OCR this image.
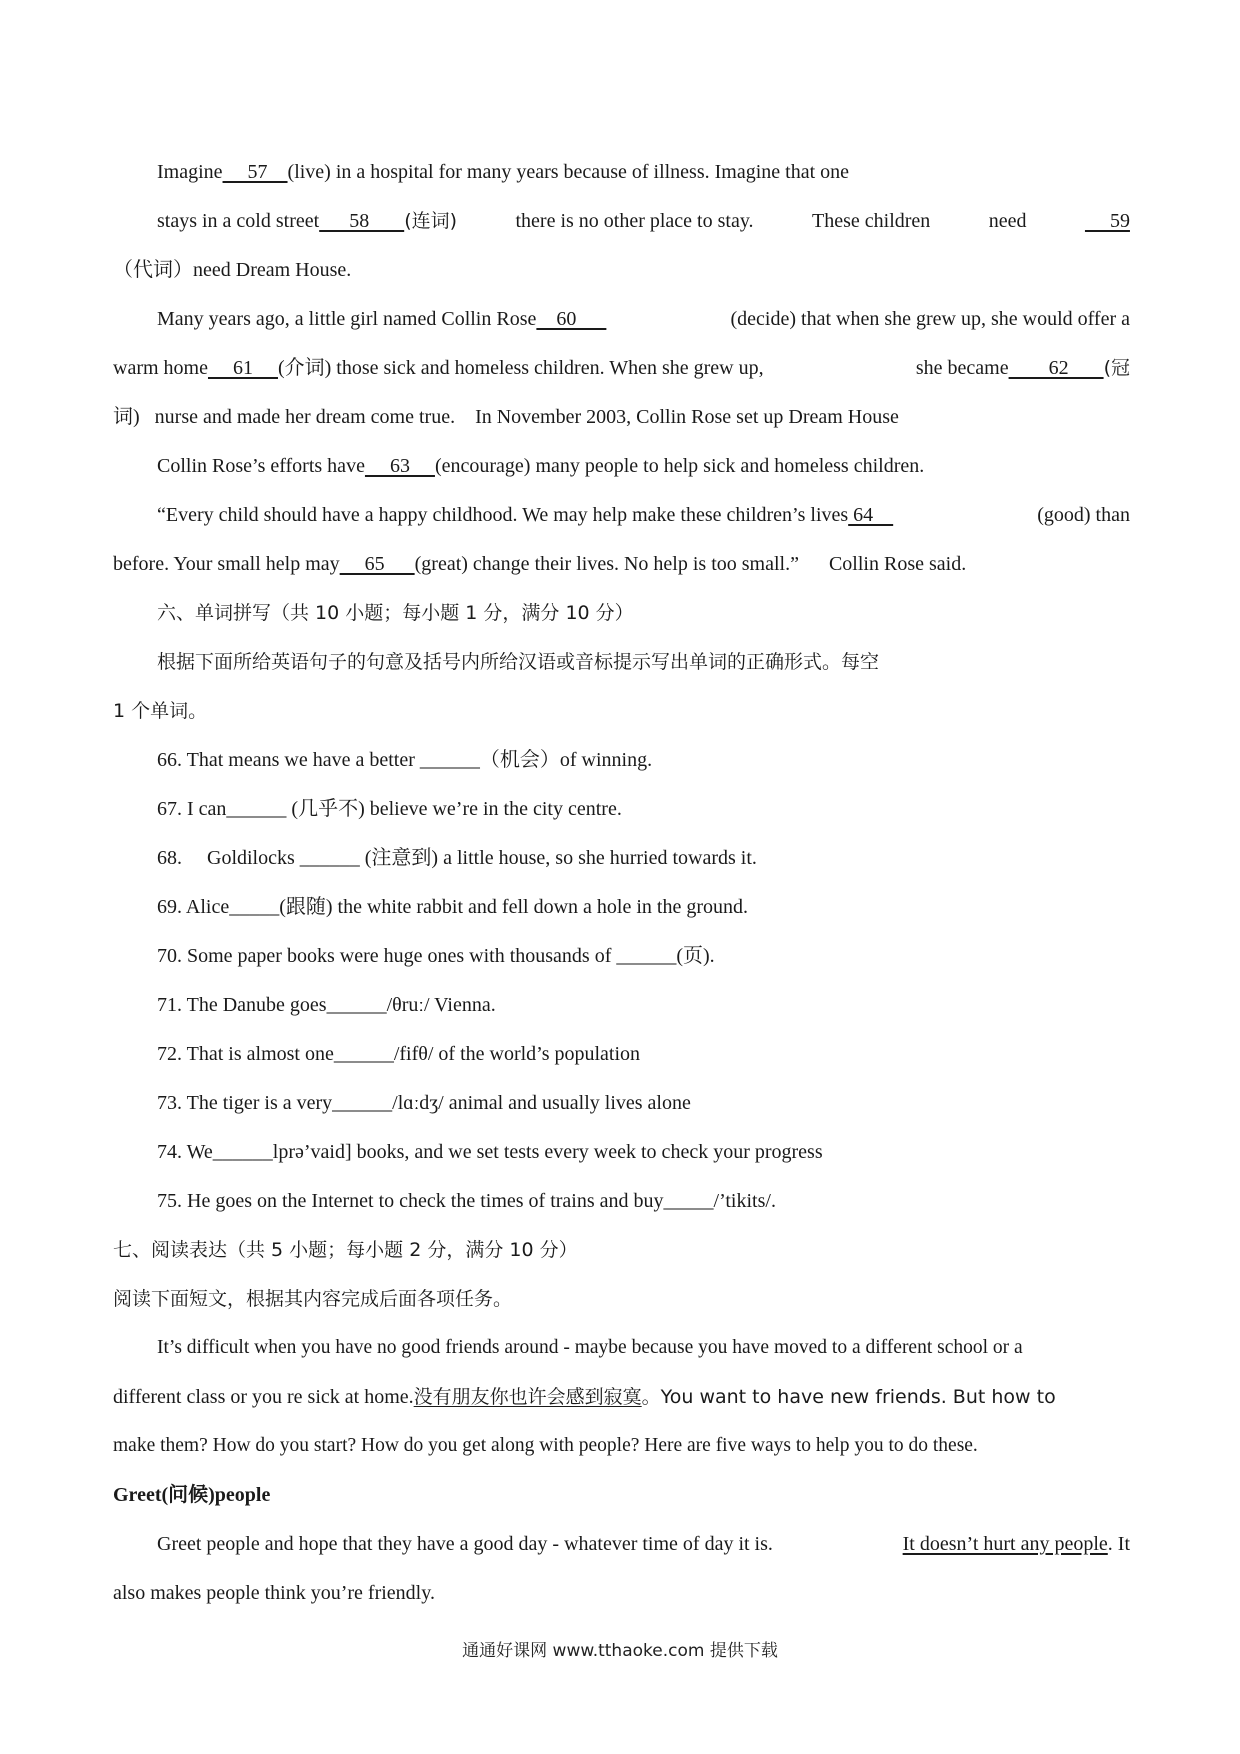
Imagine     57    (live) in a hospital for many years because of illness. Imagine that one
stays in a cold street      58       (连词)	there is no other place to stay.	These children	need	59
（代词）need Dream House.
Many years ago, a little girl named Collin Rose    60	(decide) that when she grew up, she would offer a
warm home     61     (介词) those sick and homeless children. When she grew up,	she became        62       (冠
词)   nurse and made her dream come true.    In November 2003, Collin Rose set up Dream House
Collin Rose’s efforts have     63     (encourage) many people to help sick and homeless children.
“Every child should have a happy childhood. We may help make these children’s lives 64	(good) than
before. Your small help may     65      (great) change their lives. No help is too small.”      Collin Rose said.
六、单词拼写（共 10 小题；每小题 1 分，满分 10 分）
根据下面所给英语句子的句意及括号内所给汉语或音标提示写出单词的正确形式。每空
1 个单词。
66. That means we have a better ______（机会）of winning.
67. I can______ (几乎不) believe we’re in the city centre.
68.     Goldilocks ______ (注意到) a little house, so she hurried towards it.
69. Alice_____(跟随) the white rabbit and fell down a hole in the ground.
70. Some paper books were huge ones with thousands of ______(页).
71. The Danube goes______/θruː/ Vienna.
72. That is almost one______/fifθ/ of the world’s population
73. The tiger is a very______/lɑːdʒ/ animal and usually lives alone
74. We______lprə’vaid] books, and we set tests every week to check your progress
75. He goes on the Internet to check the times of trains and buy_____/’tikits/.
七、阅读表达（共 5 小题；每小题 2 分，满分 10 分）
阅读下面短文，根据其内容完成后面各项任务。
It’s difficult when you have no good friends around - maybe because you have moved to a different school or a
different class or you re sick at home.没有朋友你也许会感到寂寞。You want to have new friends. But how to
make them? How do you start? How do you get along with people? Here are five ways to help you to do these.
Greet(问候)people
Greet people and hope that they have a good day - whatever time of day it is.	It doesn’t hurt any people. It
also makes people think you’re friendly.
通通好课网 www.tthaoke.com 提供下载
